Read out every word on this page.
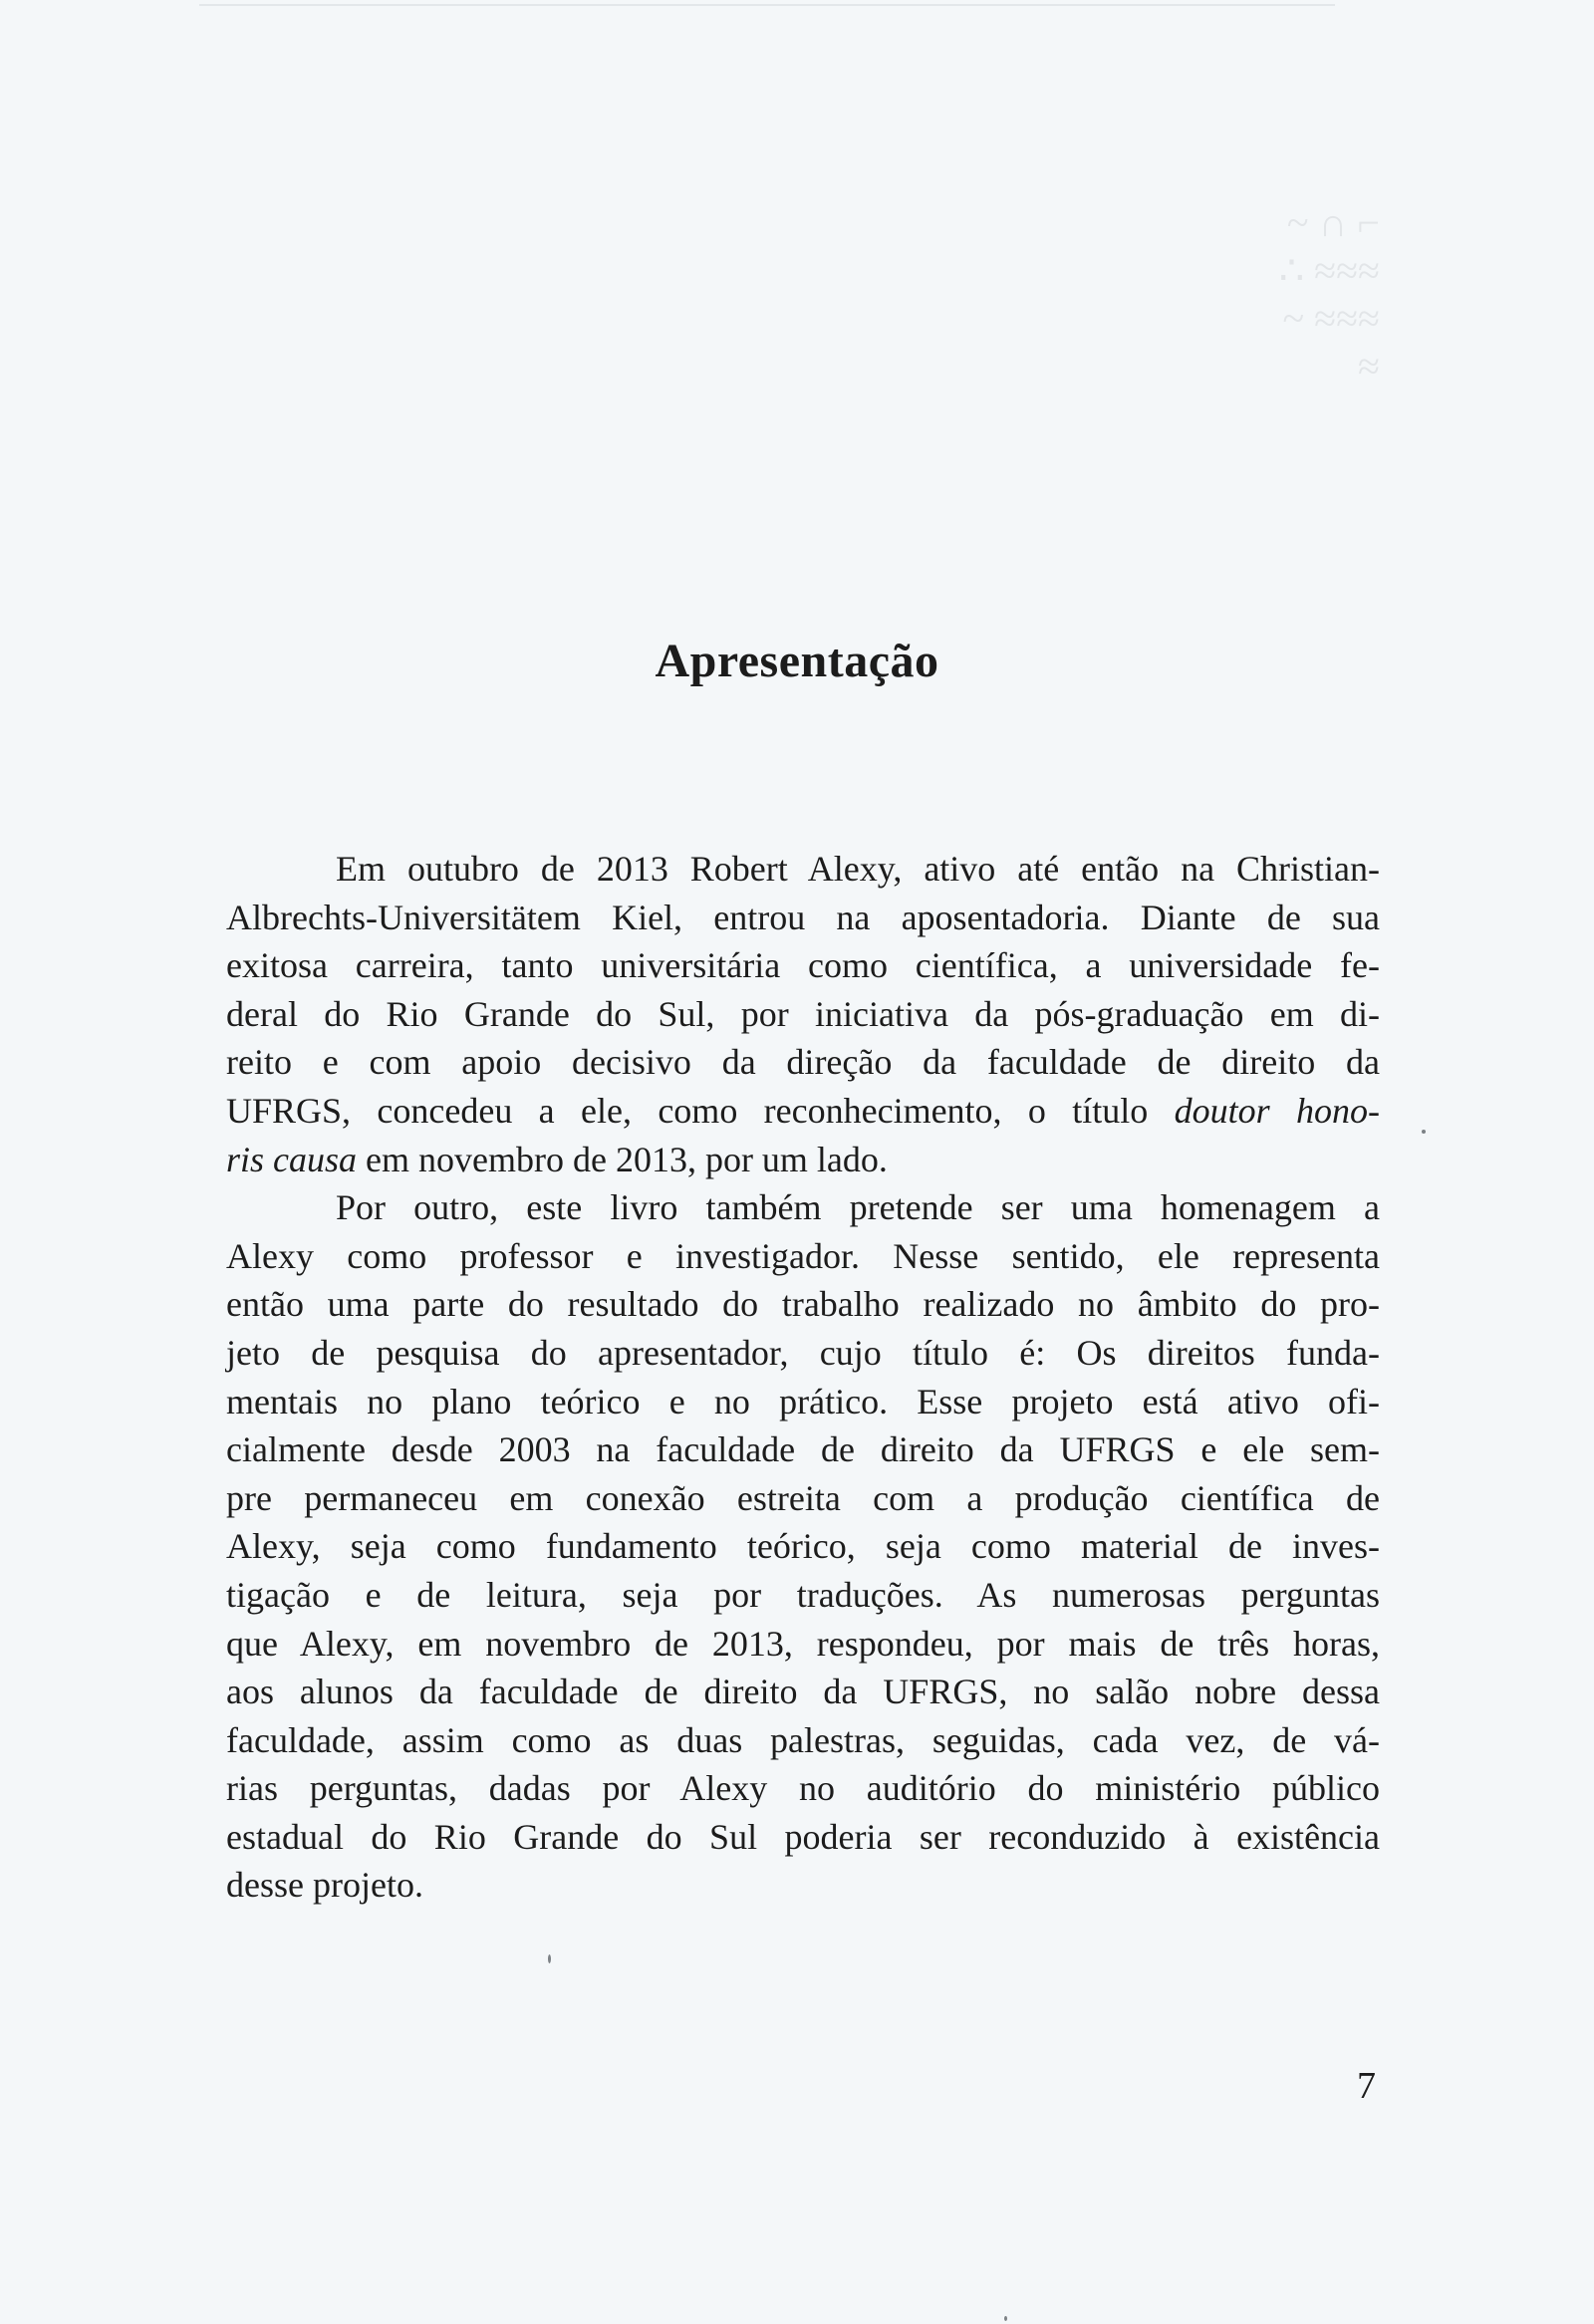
~ ∩ ⌐
∴ ≈≈≈
~ ≈≈≈
≈
Apresentação
Em outubro de 2013 Robert Alexy, ativo até então na Christian-
Albrechts-Universitätem Kiel, entrou na aposentadoria. Diante de sua
exitosa carreira, tanto universitária como científica, a universidade fe-
deral do Rio Grande do Sul, por iniciativa da pós-graduação em di-
reito e com apoio decisivo da direção da faculdade de direito da
UFRGS, concedeu a ele, como reconhecimento, o título doutor hono-
ris causa em novembro de 2013, por um lado.
Por outro, este livro também pretende ser uma homenagem a
Alexy como professor e investigador. Nesse sentido, ele representa
então uma parte do resultado do trabalho realizado no âmbito do pro-
jeto de pesquisa do apresentador, cujo título é: Os direitos funda-
mentais no plano teórico e no prático. Esse projeto está ativo ofi-
cialmente desde 2003 na faculdade de direito da UFRGS e ele sem-
pre permaneceu em conexão estreita com a produção científica de
Alexy, seja como fundamento teórico, seja como material de inves-
tigação e de leitura, seja por traduções. As numerosas perguntas
que Alexy, em novembro de 2013, respondeu, por mais de três horas,
aos alunos da faculdade de direito da UFRGS, no salão nobre dessa
faculdade, assim como as duas palestras, seguidas, cada vez, de vá-
rias perguntas, dadas por Alexy no auditório do ministério público
estadual do Rio Grande do Sul poderia ser reconduzido à existência
desse projeto.
7
